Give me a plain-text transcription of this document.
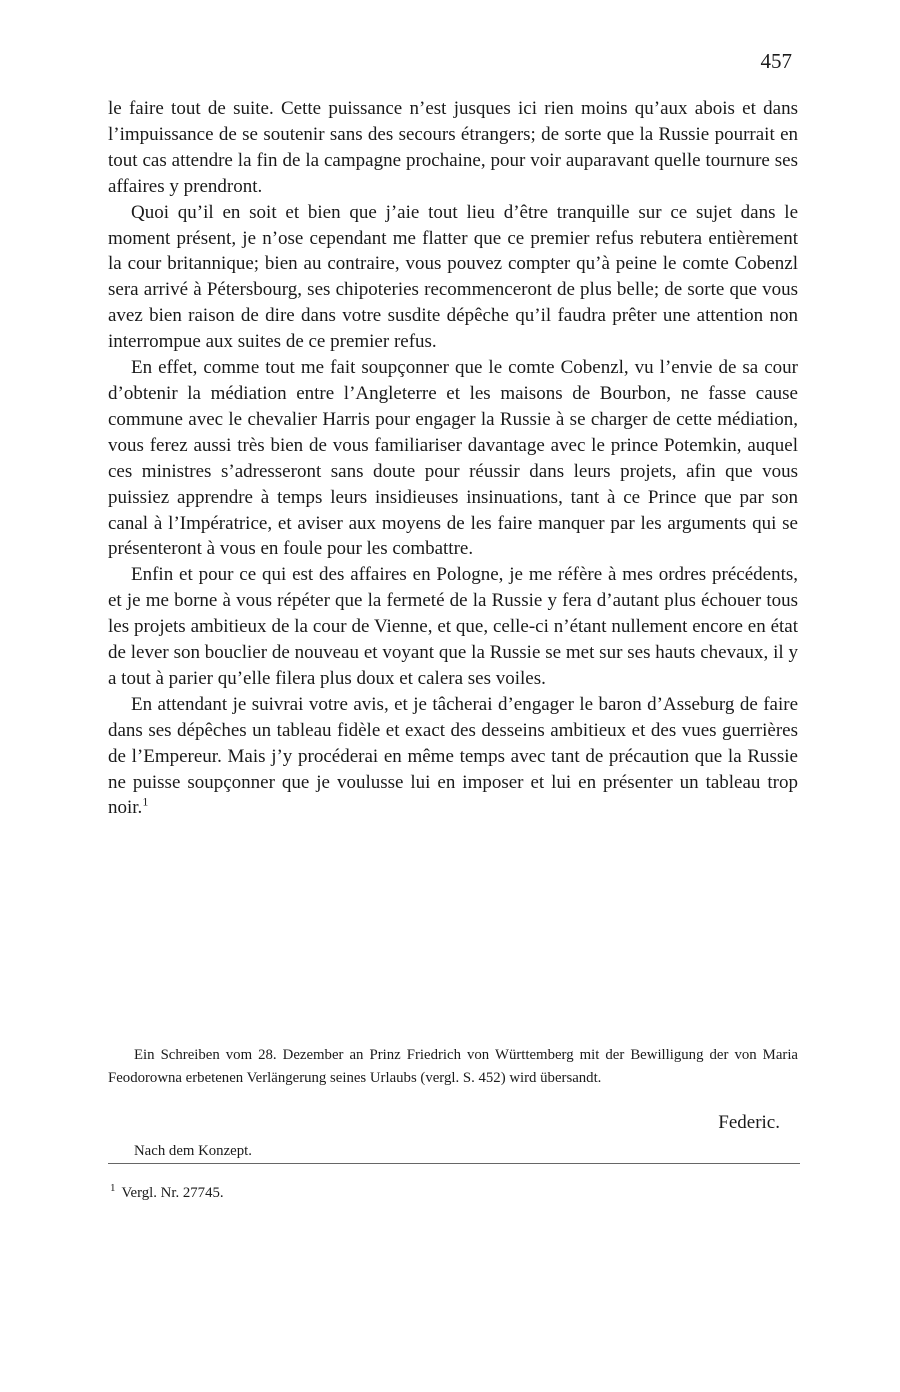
457

le faire tout de suite. Cette puissance n’est jusques ici rien moins qu’aux abois et dans l’impuissance de se soutenir sans des secours étrangers; de sorte que la Russie pourrait en tout cas attendre la fin de la campagne prochaine, pour voir auparavant quelle tournure ses affaires y prendront.

Quoi qu’il en soit et bien que j’aie tout lieu d’être tranquille sur ce sujet dans le moment présent, je n’ose cependant me flatter que ce premier refus rebutera entièrement la cour britannique; bien au contraire, vous pouvez compter qu’à peine le comte Cobenzl sera arrivé à Pétersbourg, ses chipoteries recommenceront de plus belle; de sorte que vous avez bien raison de dire dans votre susdite dépêche qu’il faudra prêter une attention non interrompue aux suites de ce premier refus.

En effet, comme tout me fait soupçonner que le comte Cobenzl, vu l’envie de sa cour d’obtenir la médiation entre l’Angleterre et les maisons de Bourbon, ne fasse cause commune avec le chevalier Harris pour engager la Russie à se charger de cette médiation, vous ferez aussi très bien de vous familiariser davantage avec le prince Potemkin, auquel ces ministres s’adresseront sans doute pour réussir dans leurs projets, afin que vous puissiez apprendre à temps leurs insidieuses insinuations, tant à ce Prince que par son canal à l’Impératrice, et aviser aux moyens de les faire manquer par les arguments qui se présenteront à vous en foule pour les combattre.

Enfin et pour ce qui est des affaires en Pologne, je me réfère à mes ordres précédents, et je me borne à vous répéter que la fermeté de la Russie y fera d’autant plus échouer tous les projets ambitieux de la cour de Vienne, et que, celle-ci n’étant nullement encore en état de lever son bouclier de nouveau et voyant que la Russie se met sur ses hauts chevaux, il y a tout à parier qu’elle filera plus doux et calera ses voiles.

En attendant je suivrai votre avis, et je tâcherai d’engager le baron d’Asseburg de faire dans ses dépêches un tableau fidèle et exact des desseins ambitieux et des vues guerrières de l’Empereur. Mais j’y procéderai en même temps avec tant de précaution que la Russie ne puisse soupçonner que je voulusse lui en imposer et lui en présenter un tableau trop noir.$^1$

Ein Schreiben vom 28. Dezember an Prinz Friedrich von Württemberg mit der Bewilligung der von Maria Feodorowna erbetenen Verlängerung seines Urlaubs (vergl. S. 452) wird übersandt.

Federic.
Nach dem Konzept.
$^1$ Vergl. Nr. 27745.
